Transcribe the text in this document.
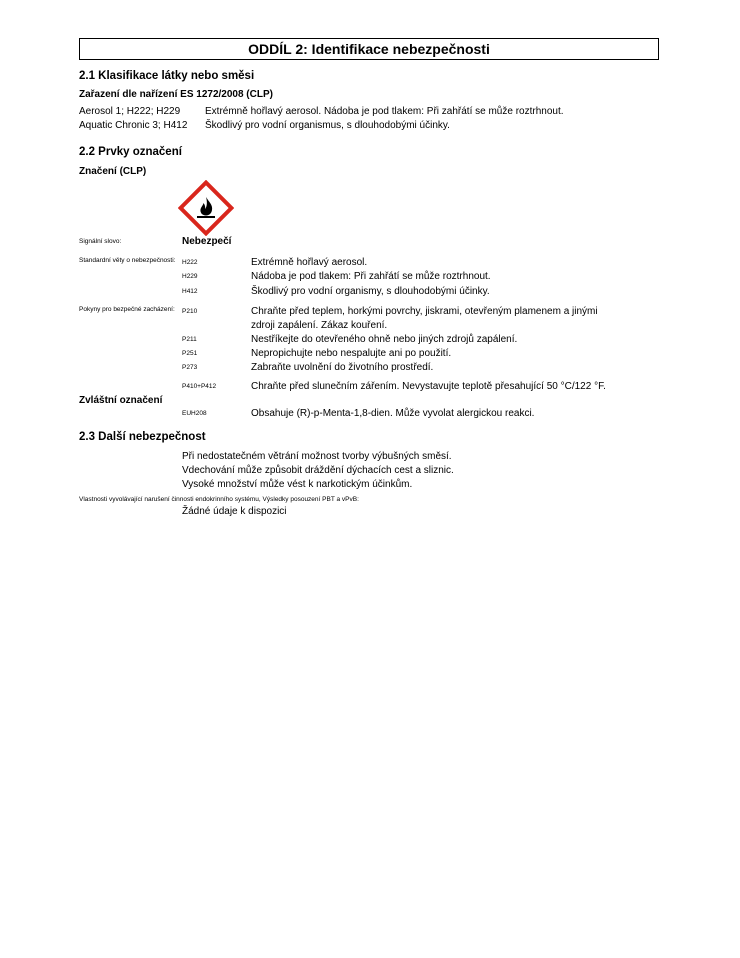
ODDÍL 2: Identifikace nebezpečnosti
2.1 Klasifikace látky nebo směsi
Zařazení dle nařízení ES 1272/2008 (CLP)
Aerosol 1; H222; H229 Extrémně hořlavý aerosol. Nádoba je pod tlakem: Při zahřátí se může roztrhnout.
Aquatic Chronic 3; H412 Škodlivý pro vodní organismus, s dlouhodobými účinky.
2.2 Prvky označení
Značení (CLP)
Signální slovo:	Nebezpečí
Standardní věty o nebezpečnosti: H222	Extrémně hořlavý aerosol.
H229	Nádoba je pod tlakem: Při zahřátí se může roztrhnout.
H412	Škodlivý pro vodní organismy, s dlouhodobými účinky.
Pokyny pro bezpečné zacházení: P210	Chraňte před teplem, horkými povrchy, jiskrami, otevřeným plamenem a jinými
zdroji zapálení. Zákaz kouření.
P211	Nestříkejte do otevřeného ohně nebo jiných zdrojů zapálení.
P251	Nepropichujte nebo nespalujte ani po použití.
P273	Zabraňte uvolnění do životního prostředí.
P410+P412	Chraňte před slunečním zářením. Nevystavujte teplotě přesahující 50 °C/122 °F.
Zvláštní označení
EUH208	Obsahuje (R)-p-Menta-1,8-dien. Může vyvolat alergickou reakci.
2.3 Další nebezpečnost
Při nedostatečném větrání možnost tvorby výbušných směsí.
Vdechování může způsobit dráždění dýchacích cest a sliznic.
Vysoké množství může vést k narkotickým účinkům.
Vlastnosti vyvolávající narušení činnosti endokrinního systému, Výsledky posouzení PBT a vPvB:
Žádné údaje k dispozici
